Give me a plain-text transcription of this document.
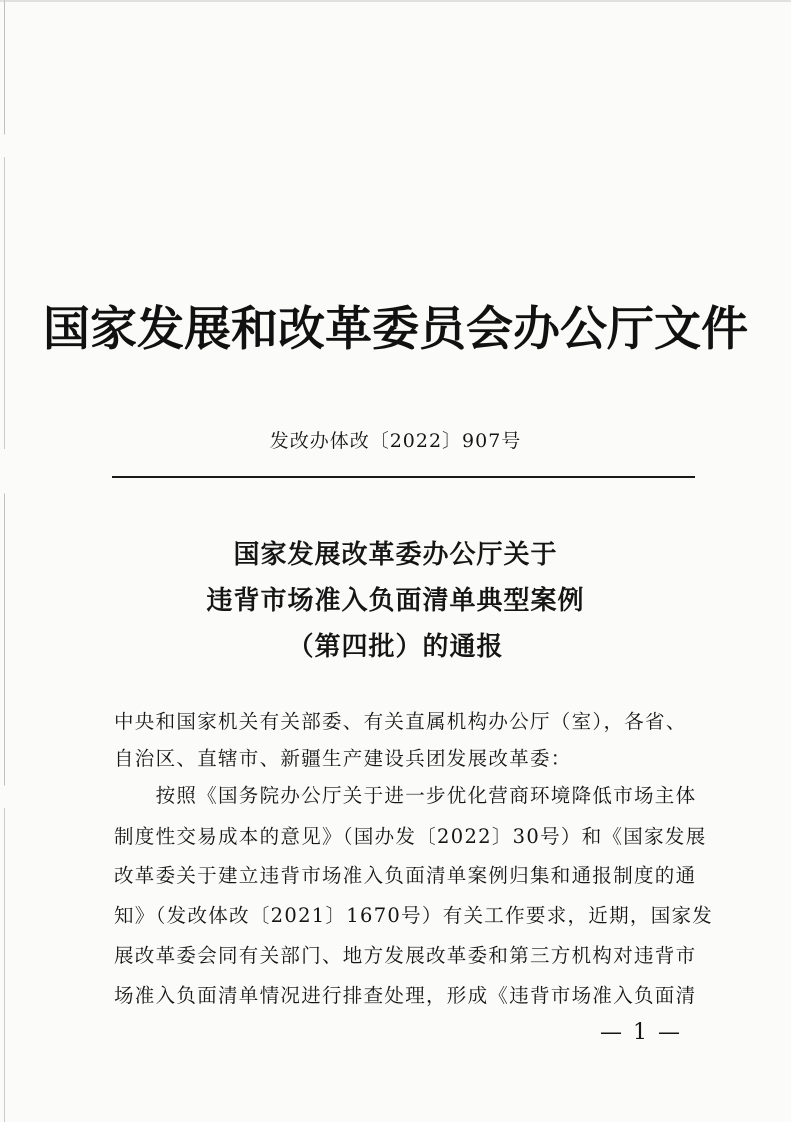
国家发展和改革委员会办公厅文件
发改办体改〔2022〕907号
国家发展改革委办公厅关于
违背市场准入负面清单典型案例
（第四批）的通报
中央和国家机关有关部委、有关直属机构办公厅（室），各省、
自治区、直辖市、新疆生产建设兵团发展改革委：
　　按照《国务院办公厅关于进一步优化营商环境降低市场主体
制度性交易成本的意见》（国办发〔2022〕30号）和《国家发展
改革委关于建立违背市场准入负面清单案例归集和通报制度的通
知》（发改体改〔2021〕1670号）有关工作要求，近期，国家发
展改革委会同有关部门、地方发展改革委和第三方机构对违背市
场准入负面清单情况进行排查处理，形成《违背市场准入负面清
— 1 —
